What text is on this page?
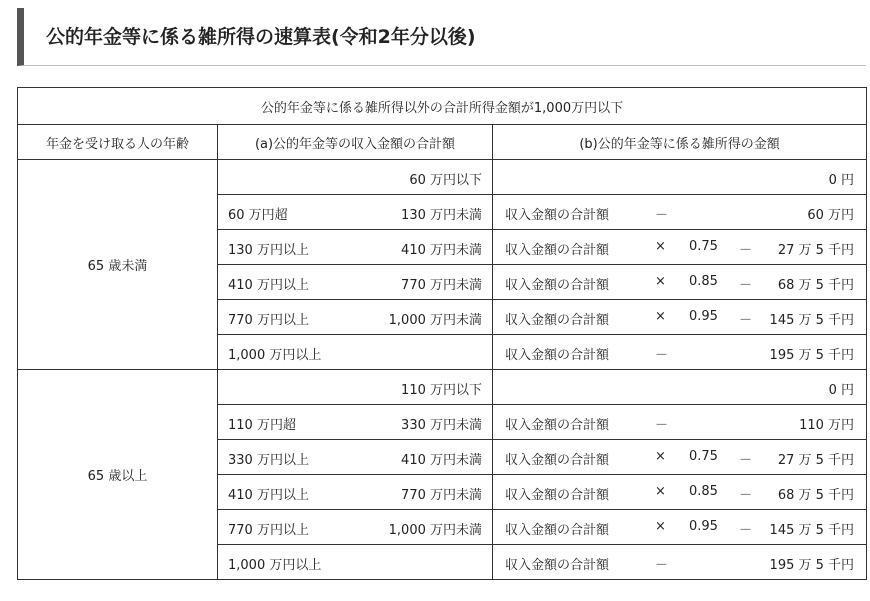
公的年金等に係る雑所得の速算表(令和2年分以後)
公的年金等に係る雑所得以外の合計所得金額が1,000万円以下		
年金を受け取る人の年齢	(a)公的年金等の収入金額の合計額	(b)公的年金等に係る雑所得の金額
65 歳未満	60 万円以下	0 円

	60 万円超 130 万円未満	収入金額の合計額 － 60 万円

	130 万円以上 410 万円未満	収入金額の合計額 × 0.75 － 27 万 5 千円

	410 万円以上 770 万円未満	収入金額の合計額 × 0.85 － 68 万 5 千円

	770 万円以上 1,000 万円未満	収入金額の合計額 × 0.95 － 145 万 5 千円

	1,000 万円以上	収入金額の合計額 － 195 万 5 千円

65 歳以上	110 万円以下	0 円

	110 万円超 330 万円未満	収入金額の合計額 － 110 万円

	330 万円以上 410 万円未満	収入金額の合計額 × 0.75 － 27 万 5 千円

	410 万円以上 770 万円未満	収入金額の合計額 × 0.85 － 68 万 5 千円

	770 万円以上 1,000 万円未満	収入金額の合計額 × 0.95 － 145 万 5 千円

	1,000 万円以上	収入金額の合計額 － 195 万 5 千円
